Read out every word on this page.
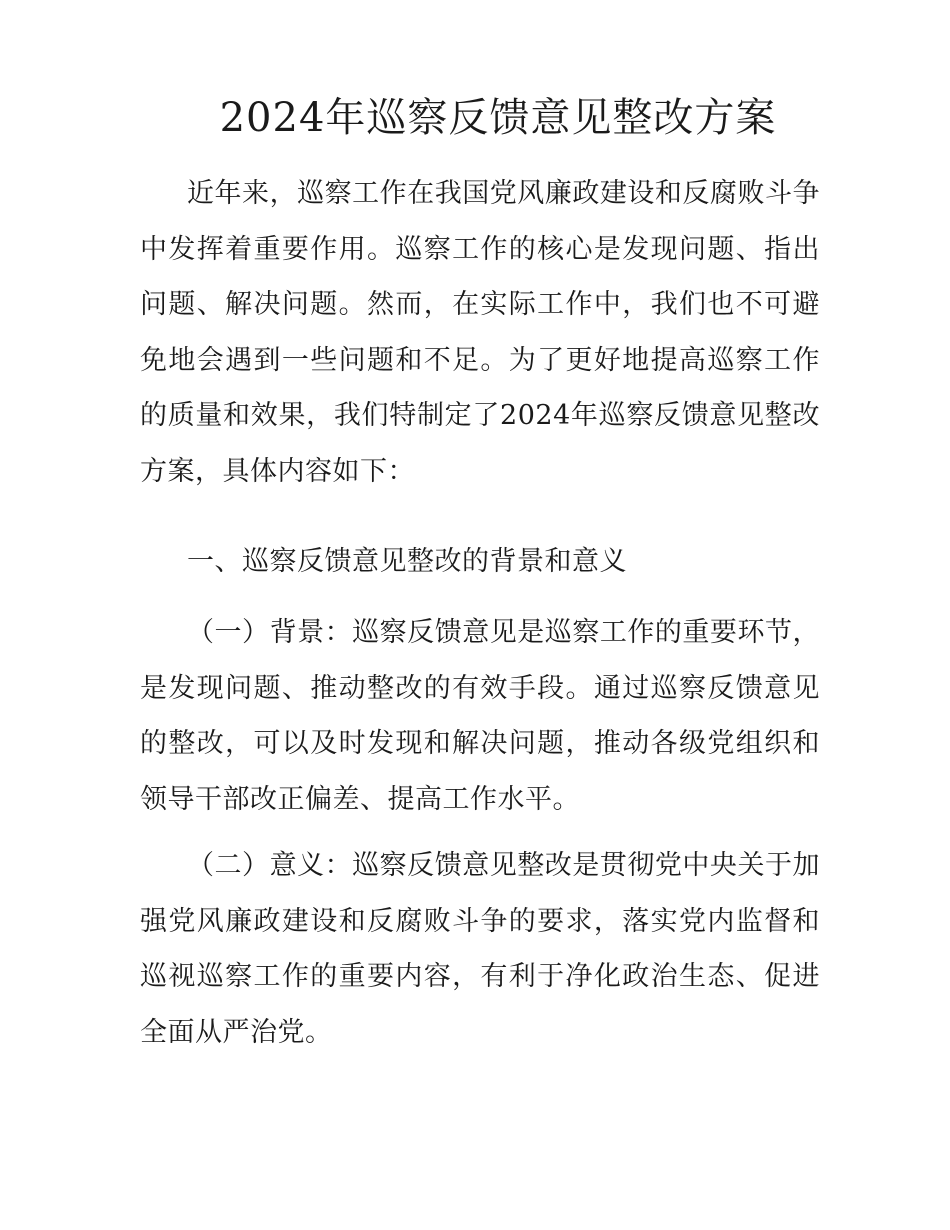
2024年巡察反馈意见整改方案

近年来，巡察工作在我国党风廉政建设和反腐败斗争中发挥着重要作用。巡察工作的核心是发现问题、指出问题、解决问题。然而，在实际工作中，我们也不可避免地会遇到一些问题和不足。为了更好地提高巡察工作的质量和效果，我们特制定了2024年巡察反馈意见整改方案，具体内容如下：

一、巡察反馈意见整改的背景和意义

（一）背景：巡察反馈意见是巡察工作的重要环节，是发现问题、推动整改的有效手段。通过巡察反馈意见的整改，可以及时发现和解决问题，推动各级党组织和领导干部改正偏差、提高工作水平。

（二）意义：巡察反馈意见整改是贯彻党中央关于加强党风廉政建设和反腐败斗争的要求，落实党内监督和巡视巡察工作的重要内容，有利于净化政治生态、促进全面从严治党。
